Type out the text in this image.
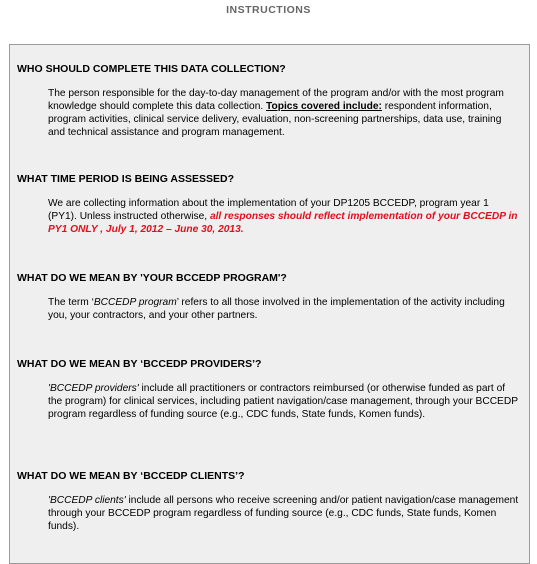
INSTRUCTIONS

WHO SHOULD COMPLETE THIS DATA COLLECTION?

The person responsible for the day-to-day management of the program and/or with the most program knowledge should complete this data collection. Topics covered include: respondent information, program activities, clinical service delivery, evaluation, non-screening partnerships, data use, training and technical assistance and program management.

WHAT TIME PERIOD IS BEING ASSESSED?

We are collecting information about the implementation of your DP1205 BCCEDP, program year 1 (PY1). Unless instructed otherwise, all responses should reflect implementation of your BCCEDP in PY1 ONLY , July 1, 2012 – June 30, 2013.

WHAT DO WE MEAN BY 'YOUR BCCEDP PROGRAM'?

The term ‘BCCEDP program’ refers to all those involved in the implementation of the activity including you, your contractors, and your other partners.

WHAT DO WE MEAN BY ‘BCCEDP PROVIDERS’?

'BCCEDP providers' include all practitioners or contractors reimbursed (or otherwise funded as part of the program) for clinical services, including patient navigation/case management, through your BCCEDP program regardless of funding source (e.g., CDC funds, State funds, Komen funds).

WHAT DO WE MEAN BY ‘BCCEDP CLIENTS’?

'BCCEDP clients' include all persons who receive screening and/or patient navigation/case management through your BCCEDP program regardless of funding source (e.g., CDC funds, State funds, Komen funds).
